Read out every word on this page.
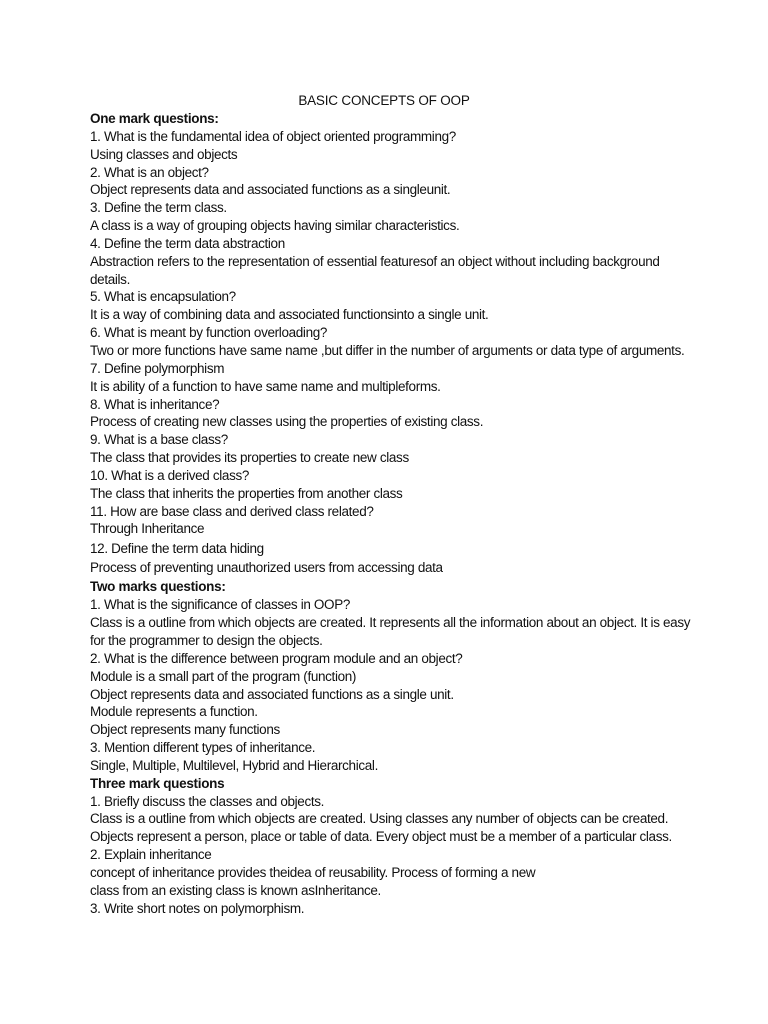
BASIC CONCEPTS OF OOP
One mark questions:
1. What is the fundamental idea of object oriented programming?
Using classes and objects
2. What is an object?
Object represents data and associated functions as a singleunit.
3. Define the term class.
A class is a way of grouping objects having similar characteristics.
4. Define the term data abstraction
Abstraction refers to the representation of essential featuresof an object without including background
details.
5. What is encapsulation?
It is a way of combining data and associated functionsinto a single unit.
6. What is meant by function overloading?
Two or more functions have same name ,but differ in the number of arguments or data type of arguments.
7. Define polymorphism
It is ability of a function to have same name and multipleforms.
8. What is inheritance?
Process of creating new classes using the properties of existing class.
9. What is a base class?
The class that provides its properties to create new class
10. What is a derived class?
The class that inherits the properties from another class
11. How are base class and derived class related?
Through Inheritance
12. Define the term data hiding
Process of preventing unauthorized users from accessing data
Two marks questions:
1. What is the significance of classes in OOP?
Class is a outline from which objects are created. It represents all the information about an object. It is easy
for the programmer to design the objects.
2. What is the difference between program module and an object?
Module is a small part of the program (function)
Object represents data and associated functions as a single unit.
Module represents a function.
Object represents many functions
3. Mention different types of inheritance.
Single, Multiple, Multilevel, Hybrid and Hierarchical.
Three mark questions
1. Briefly discuss the classes and objects.
Class is a outline from which objects are created. Using classes any number of objects can be created.
Objects represent a person, place or table of data. Every object must be a member of a particular class.
2. Explain inheritance
concept of inheritance provides theidea of reusability. Process of forming a new
class from an existing class is known asInheritance.
3. Write short notes on polymorphism.
